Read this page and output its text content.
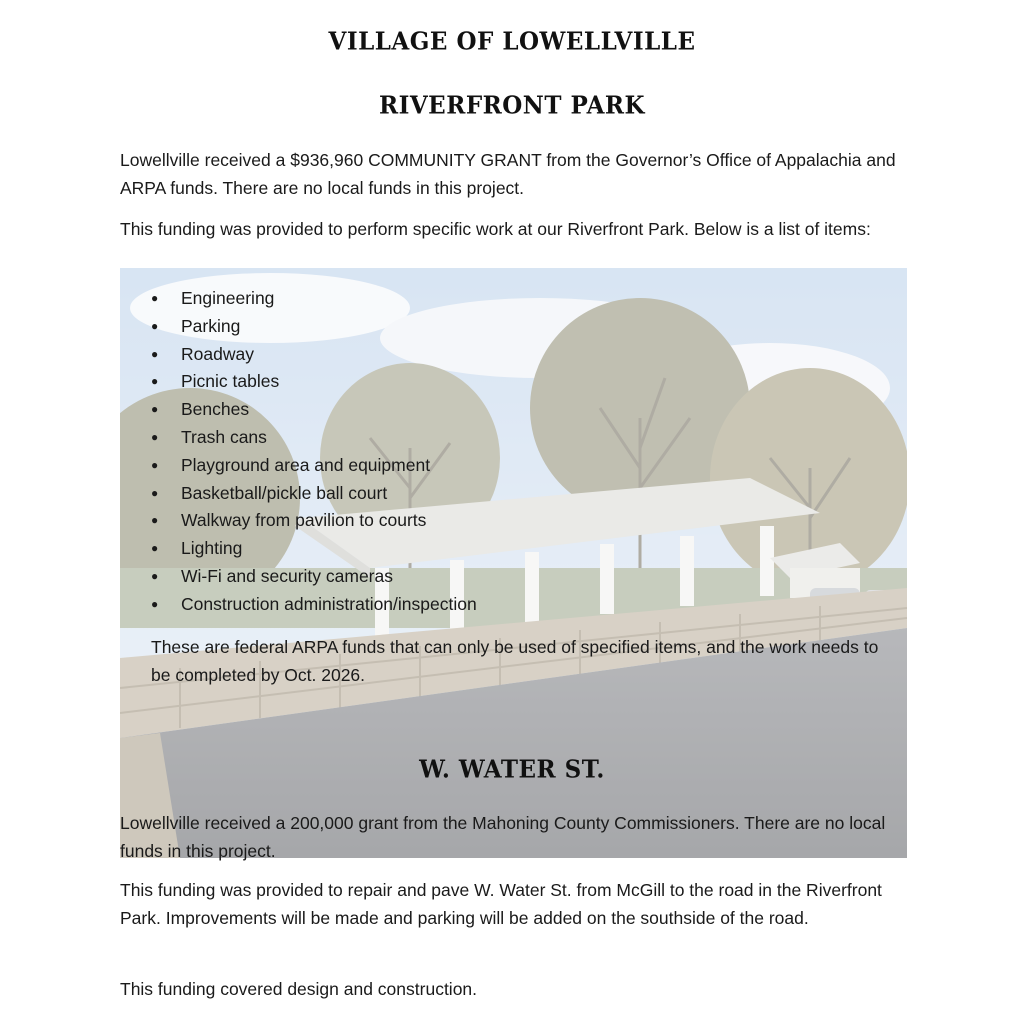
VILLAGE OF LOWELLVILLE
RIVERFRONT PARK

Lowellville received a $936,960 COMMUNITY GRANT from the Governor’s Office of Appalachia and ARPA funds. There are no local funds in this project.

This funding was provided to perform specific work at our Riverfront Park. Below is a list of items:

● Engineering
● Parking
● Roadway
● Picnic tables
● Benches
● Trash cans
● Playground area and equipment
● Basketball/pickle ball court
● Walkway from pavilion to courts
● Lighting
● Wi-Fi and security cameras
● Construction administration/inspection

These are federal ARPA funds that can only be used of specified items, and the work needs to be completed by Oct. 2026.

W. WATER ST.

Lowellville received a 200,000 grant from the Mahoning County Commissioners. There are no local funds in this project.

This funding was provided to repair and pave W. Water St. from McGill to the road in the Riverfront Park. Improvements will be made and parking will be added on the southside of the road.

This funding covered design and construction.
